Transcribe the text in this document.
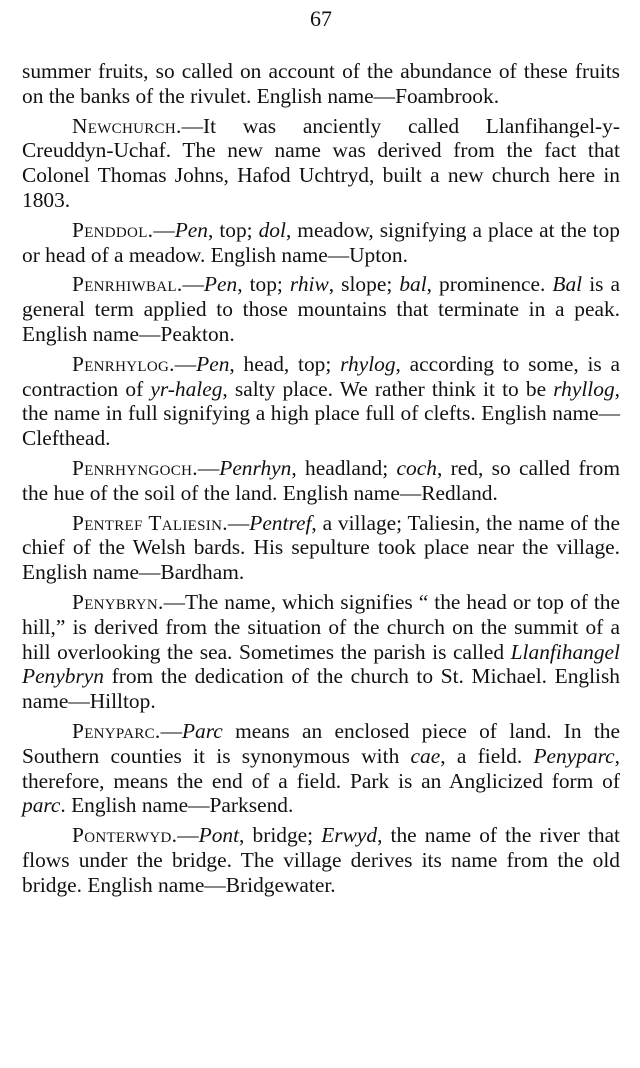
67

summer fruits, so called on account of the abundance of these fruits on the banks of the rivulet. English name—Foambrook.

Newchurch.—It was anciently called Llanfihangel-y-Creuddyn-Uchaf. The new name was derived from the fact that Colonel Thomas Johns, Hafod Uchtryd, built a new church here in 1803.

Penddol.—Pen, top; dol, meadow, signifying a place at the top or head of a meadow. English name—Upton.

Penrhiwbal.—Pen, top; rhiw, slope; bal, prominence. Bal is a general term applied to those mountains that terminate in a peak. English name—Peakton.

Penrhylog.—Pen, head, top; rhylog, according to some, is a contraction of yr-haleg, salty place. We rather think it to be rhyllog, the name in full signifying a high place full of clefts. English name—Clefthead.

Penrhyngoch.—Penrhyn, headland; coch, red, so called from the hue of the soil of the land. English name—Redland.

Pentref Taliesin.—Pentref, a village; Taliesin, the name of the chief of the Welsh bards. His sepulture took place near the village. English name—Bardham.

Penybryn.—The name, which signifies “ the head or top of the hill,” is derived from the situation of the church on the summit of a hill overlooking the sea. Sometimes the parish is called Llanfihangel Penybryn from the dedication of the church to St. Michael. English name—Hilltop.

Penyparc.—Parc means an enclosed piece of land. In the Southern counties it is synonymous with cae, a field. Penyparc, therefore, means the end of a field. Park is an Anglicized form of parc. English name—Parksend.

Ponterwyd.—Pont, bridge; Erwyd, the name of the river that flows under the bridge. The village derives its name from the old bridge. English name—Bridgewater.
